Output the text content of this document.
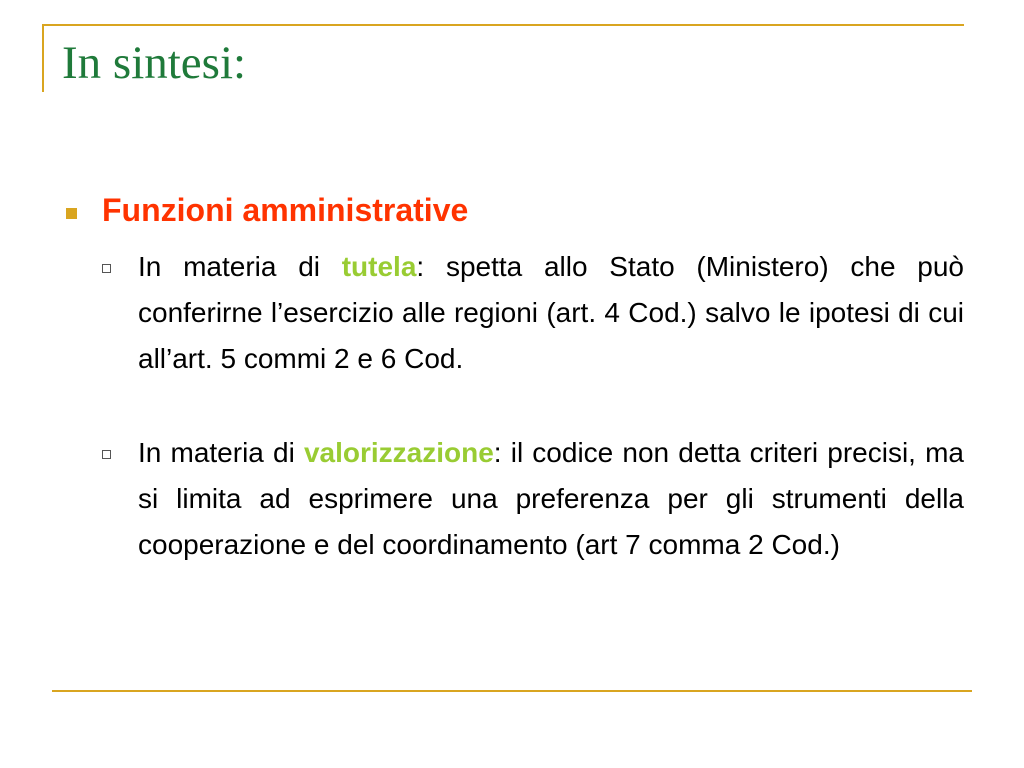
In sintesi:
Funzioni amministrative

In materia di tutela: spetta allo Stato (Ministero) che può conferirne l’esercizio alle regioni (art. 4 Cod.) salvo le ipotesi di cui all’art. 5 commi 2 e 6 Cod.

In materia di valorizzazione: il codice non detta criteri precisi, ma si limita ad esprimere una preferenza per gli strumenti della cooperazione e del coordinamento (art 7 comma 2 Cod.)
